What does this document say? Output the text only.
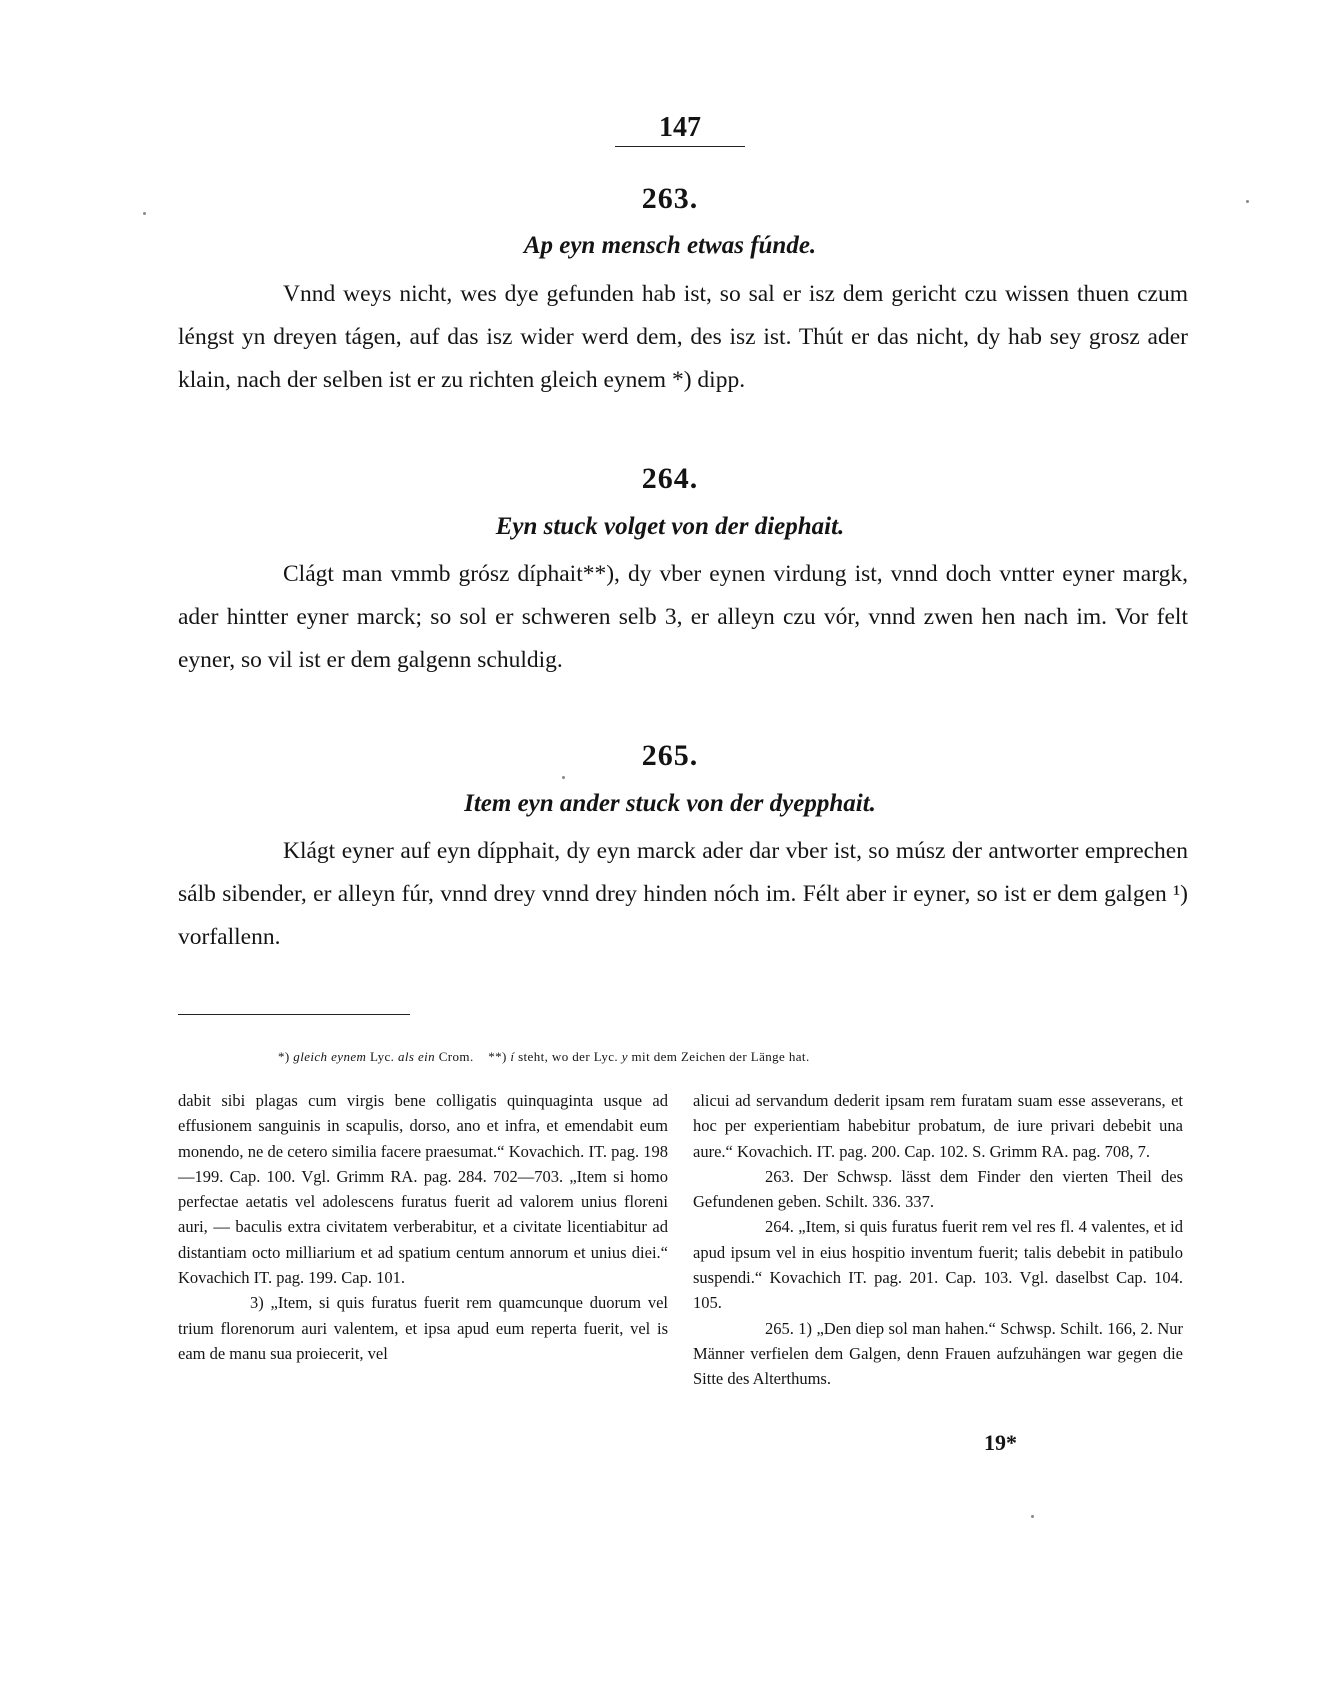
147
263.
Ap eyn mensch etwas fúnde.
Vnnd weys nicht, wes dye gefunden hab ist, so sal er isz dem gericht czu wissen thuen czum léngst yn dreyen tágen, auf das isz wider werd dem, des isz ist. Thút er das nicht, dy hab sey grosz ader klain, nach der selben ist er zu richten gleich eynem *) dipp.
264.
Eyn stuck volget von der diephait.
Clágt man vmmb grósz díphait**), dy vber eynen virdung ist, vnnd doch vntter eyner margk, ader hintter eyner marck; so sol er schweren selb 3, er alleyn czu vór, vnnd zwen hen nach im. Vor felt eyner, so vil ist er dem galgenn schuldig.
265.
Item eyn ander stuck von der dyepphait.
Klágt eyner auf eyn dípphait, dy eyn marck ader dar vber ist, so músz der antworter emprechen sálb sibender, er alleyn fúr, vnnd drey vnnd drey hinden nóch im. Félt aber ir eyner, so ist er dem galgen ¹) vorfallenn.
*) gleich eynem Lyc. als ein Crom. **) í steht, wo der Lyc. y mit dem Zeichen der Länge hat.

dabit sibi plagas cum virgis bene colligatis quinquaginta usque ad effusionem sanguinis in scapulis, dorso, ano et infra, et emendabit eum monendo, ne de cetero similia facere praesumat.“ Kovachich. IT. pag. 198—199. Cap. 100. Vgl. Grimm RA. pag. 284. 702—703. „Item si homo perfectae aetatis vel adolescens furatus fuerit ad valorem unius floreni auri, — baculis extra civitatem verberabitur, et a civitate licentiabitur ad distantiam octo milliarium et ad spatium centum annorum et unius diei.“ Kovachich IT. pag. 199. Cap. 101.

3) „Item, si quis furatus fuerit rem quamcunque duorum vel trium florenorum auri valentem, et ipsa apud eum reperta fuerit, vel is eam de manu sua proiecerit, vel

alicui ad servandum dederit ipsam rem furatam suam esse asseverans, et hoc per experientiam habebitur probatum, de iure privari debebit una aure.“ Kovachich. IT. pag. 200. Cap. 102. S. Grimm RA. pag. 708, 7.

263. Der Schwsp. lässt dem Finder den vierten Theil des Gefundenen geben. Schilt. 336. 337.

264. „Item, si quis furatus fuerit rem vel res fl. 4 valentes, et id apud ipsum vel in eius hospitio inventum fuerit; talis debebit in patibulo suspendi.“ Kovachich IT. pag. 201. Cap. 103. Vgl. daselbst Cap. 104. 105.

265. 1) „Den diep sol man hahen.“ Schwsp. Schilt. 166, 2. Nur Männer verfielen dem Galgen, denn Frauen aufzuhängen war gegen die Sitte des Alterthums.

19*
